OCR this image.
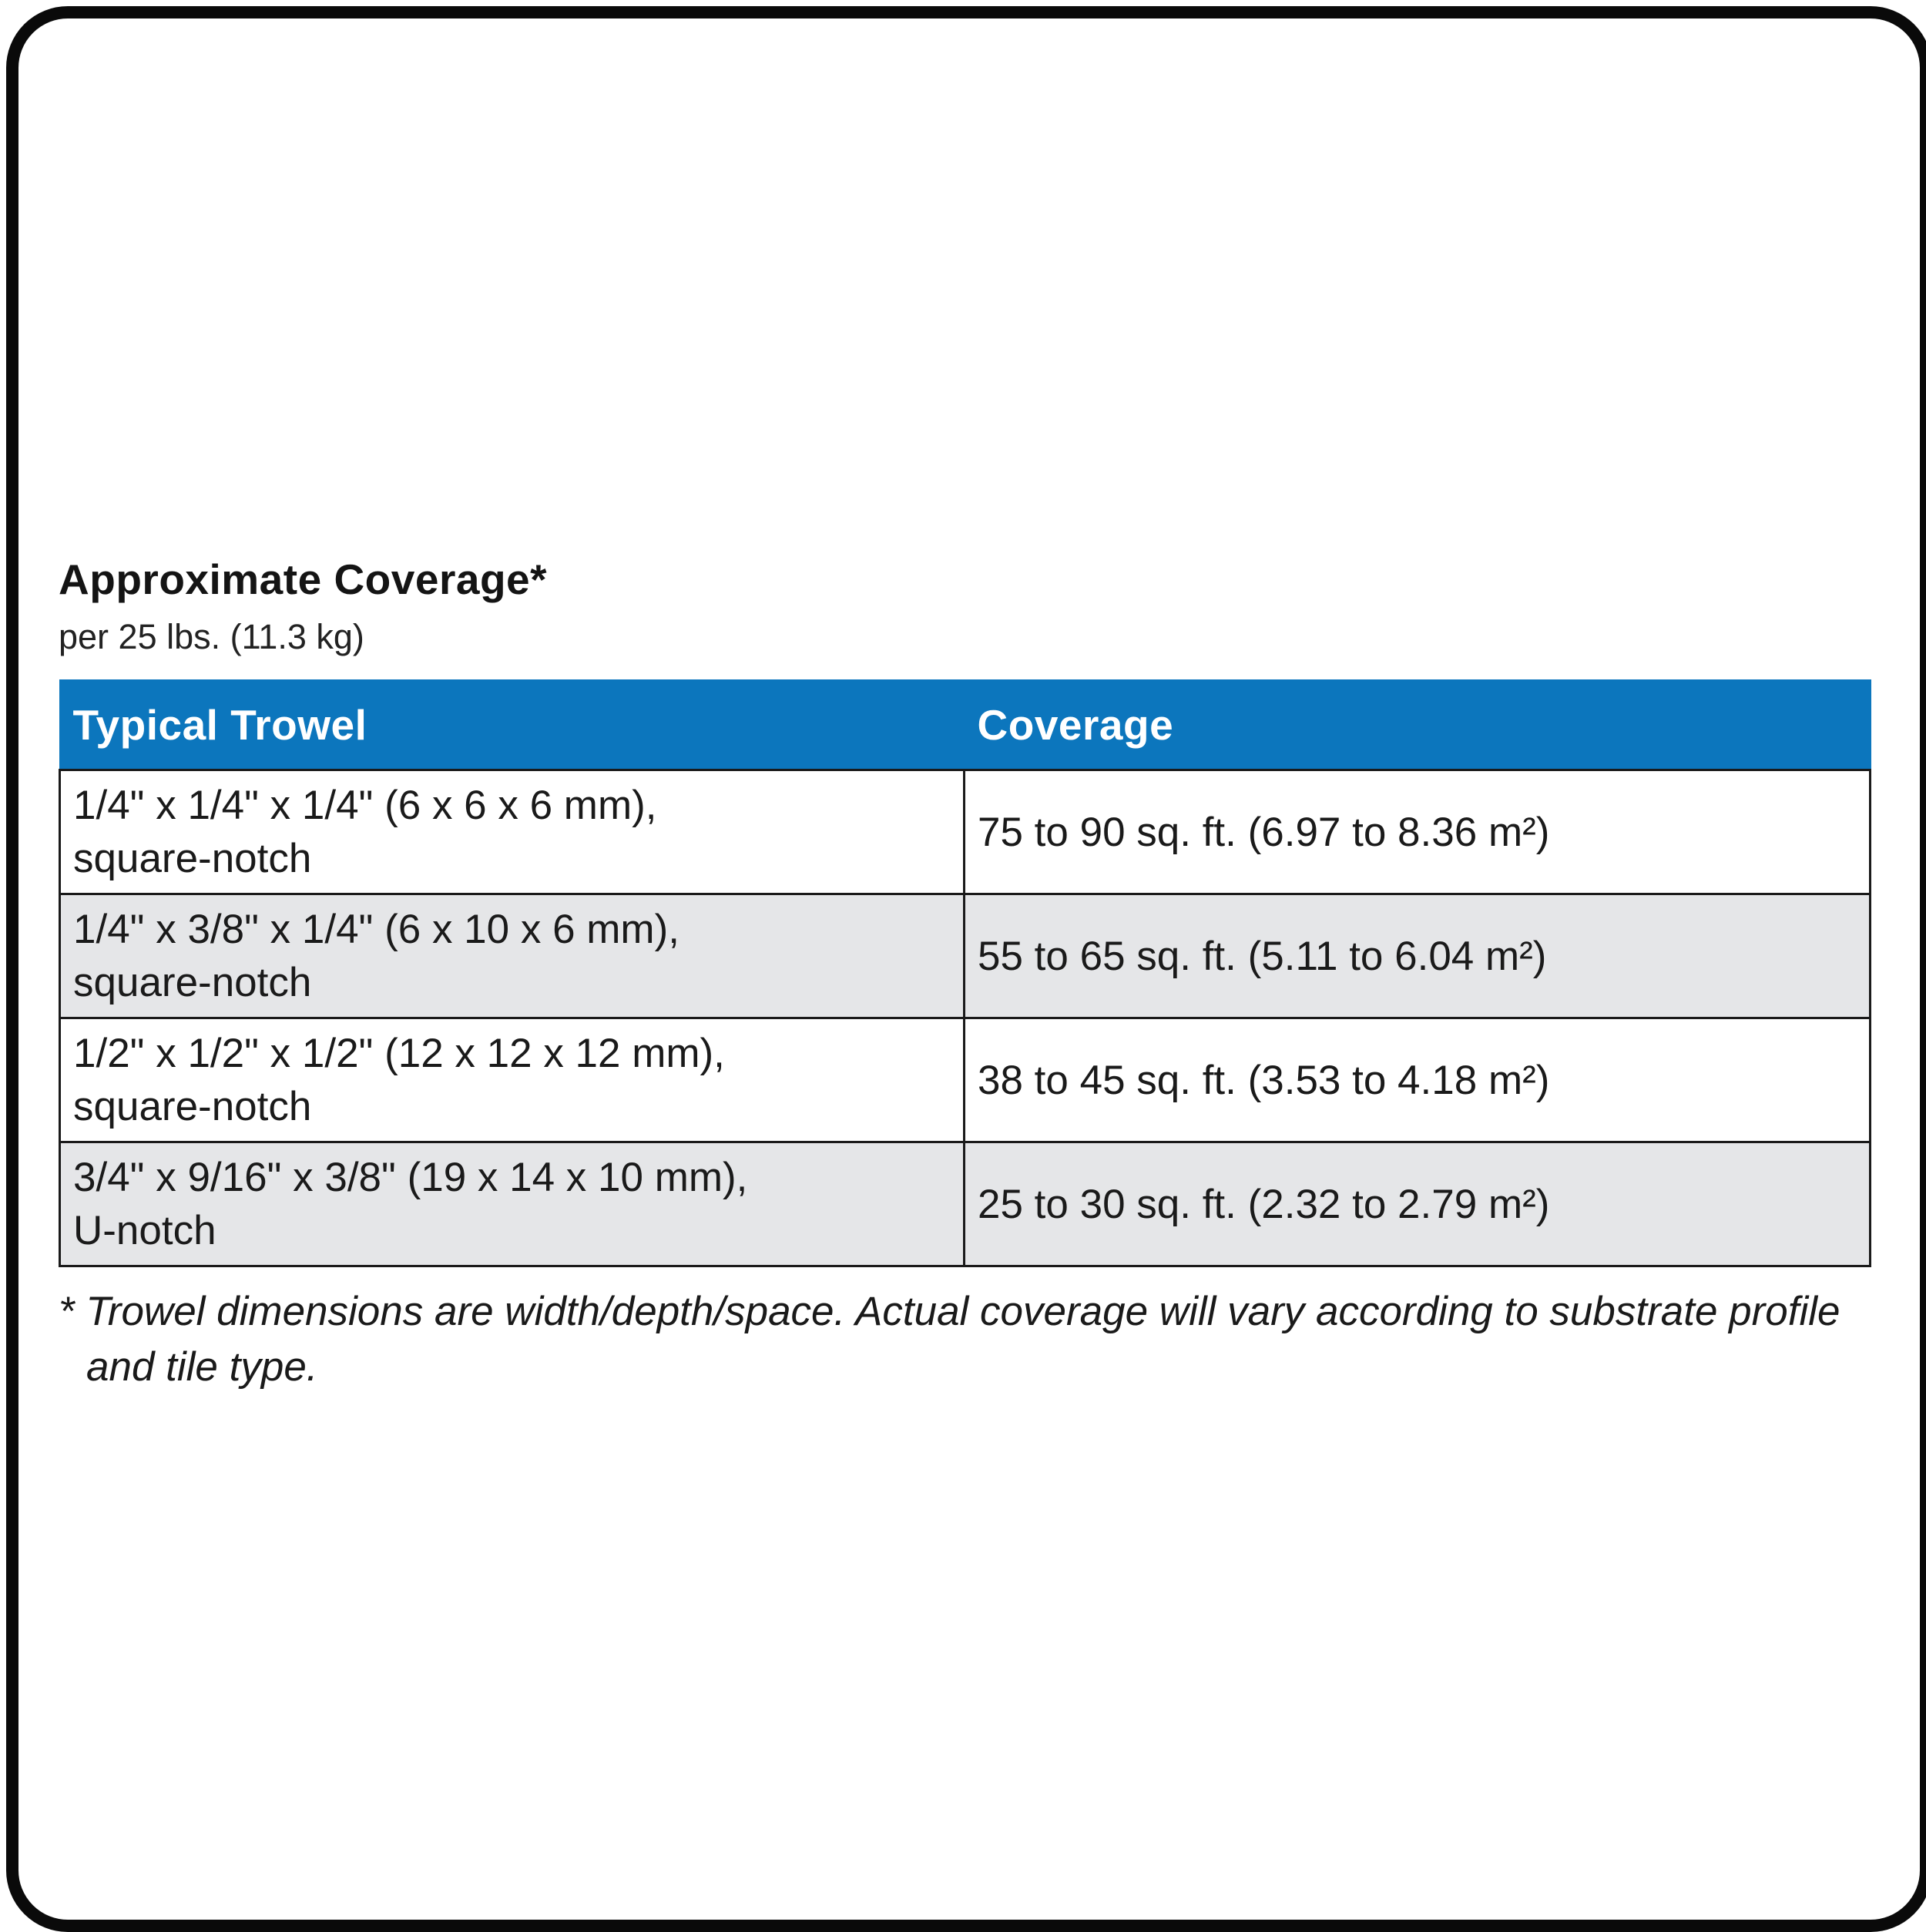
Approximate Coverage*

per 25 lbs. (11.3 kg)

Typical Trowel	Coverage

1/4" x 1/4" x 1/4" (6 x 6 x 6 mm),
square-notch	75 to 90 sq. ft. (6.97 to 8.36 m²)

1/4" x 3/8" x 1/4" (6 x 10 x 6 mm),
square-notch	55 to 65 sq. ft. (5.11 to 6.04 m²)

1/2" x 1/2" x 1/2" (12 x 12 x 12 mm),
square-notch	38 to 45 sq. ft. (3.53 to 4.18 m²)

3/4" x 9/16" x 3/8" (19 x 14 x 10 mm),
U-notch	25 to 30 sq. ft. (2.32 to 2.79 m²)

* Trowel dimensions are width/depth/space. Actual coverage will vary according to substrate profile and tile type.
